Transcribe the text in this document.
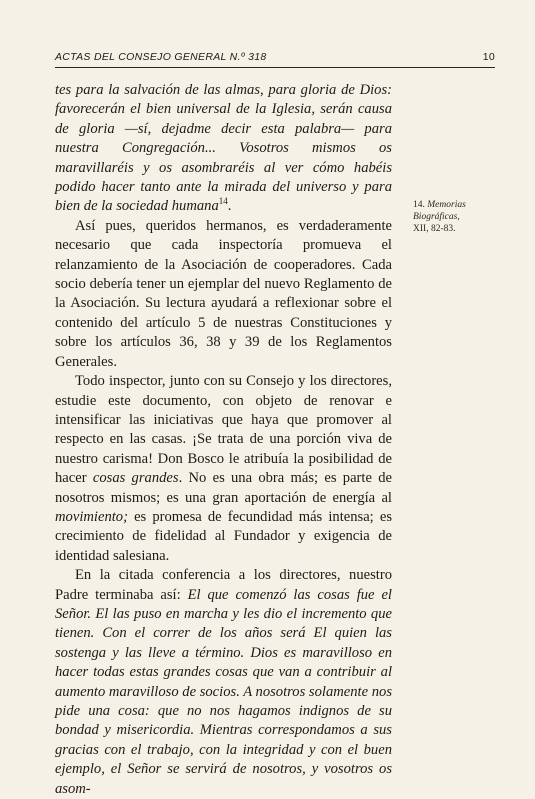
ACTAS DEL CONSEJO GENERAL N.º 318	10

tes para la salvación de las almas, para gloria de Dios: favorecerán el bien universal de la Iglesia, serán causa de gloria —sí, dejadme decir esta palabra— para nuestra Congregación... Vosotros mismos os maravillaréis y os asombraréis al ver cómo habéis podido hacer tanto ante la mirada del universo y para bien de la sociedad humana$^{14}$.

Así pues, queridos hermanos, es verdaderamente necesario que cada inspectoría promueva el relanzamiento de la Asociación de cooperadores. Cada socio debería tener un ejemplar del nuevo Reglamento de la Asociación. Su lectura ayudará a reflexionar sobre el contenido del artículo 5 de nuestras Constituciones y sobre los artículos 36, 38 y 39 de los Reglamentos Generales.

Todo inspector, junto con su Consejo y los directores, estudie este documento, con objeto de renovar e intensificar las iniciativas que haya que promover al respecto en las casas. ¡Se trata de una porción viva de nuestro carisma! Don Bosco le atribuía la posibilidad de hacer cosas grandes. No es una obra más; es parte de nosotros mismos; es una gran aportación de energía al movimiento; es promesa de fecundidad más intensa; es crecimiento de fidelidad al Fundador y exigencia de identidad salesiana.

En la citada conferencia a los directores, nuestro Padre terminaba así: El que comenzó las cosas fue el Señor. El las puso en marcha y les dio el incremento que tienen. Con el correr de los años será El quien las sostenga y las lleve a término. Dios es maravilloso en hacer todas estas grandes cosas que van a contribuir al aumento maravilloso de socios. A nosotros solamente nos pide una cosa: que no nos hagamos indignos de su bondad y misericordia. Mientras correspondamos a sus gracias con el trabajo, con la integridad y con el buen ejemplo, el Señor se servirá de nosotros, y vosotros os asom-

14. Memorias Biográficas,
XII, 82-83.
